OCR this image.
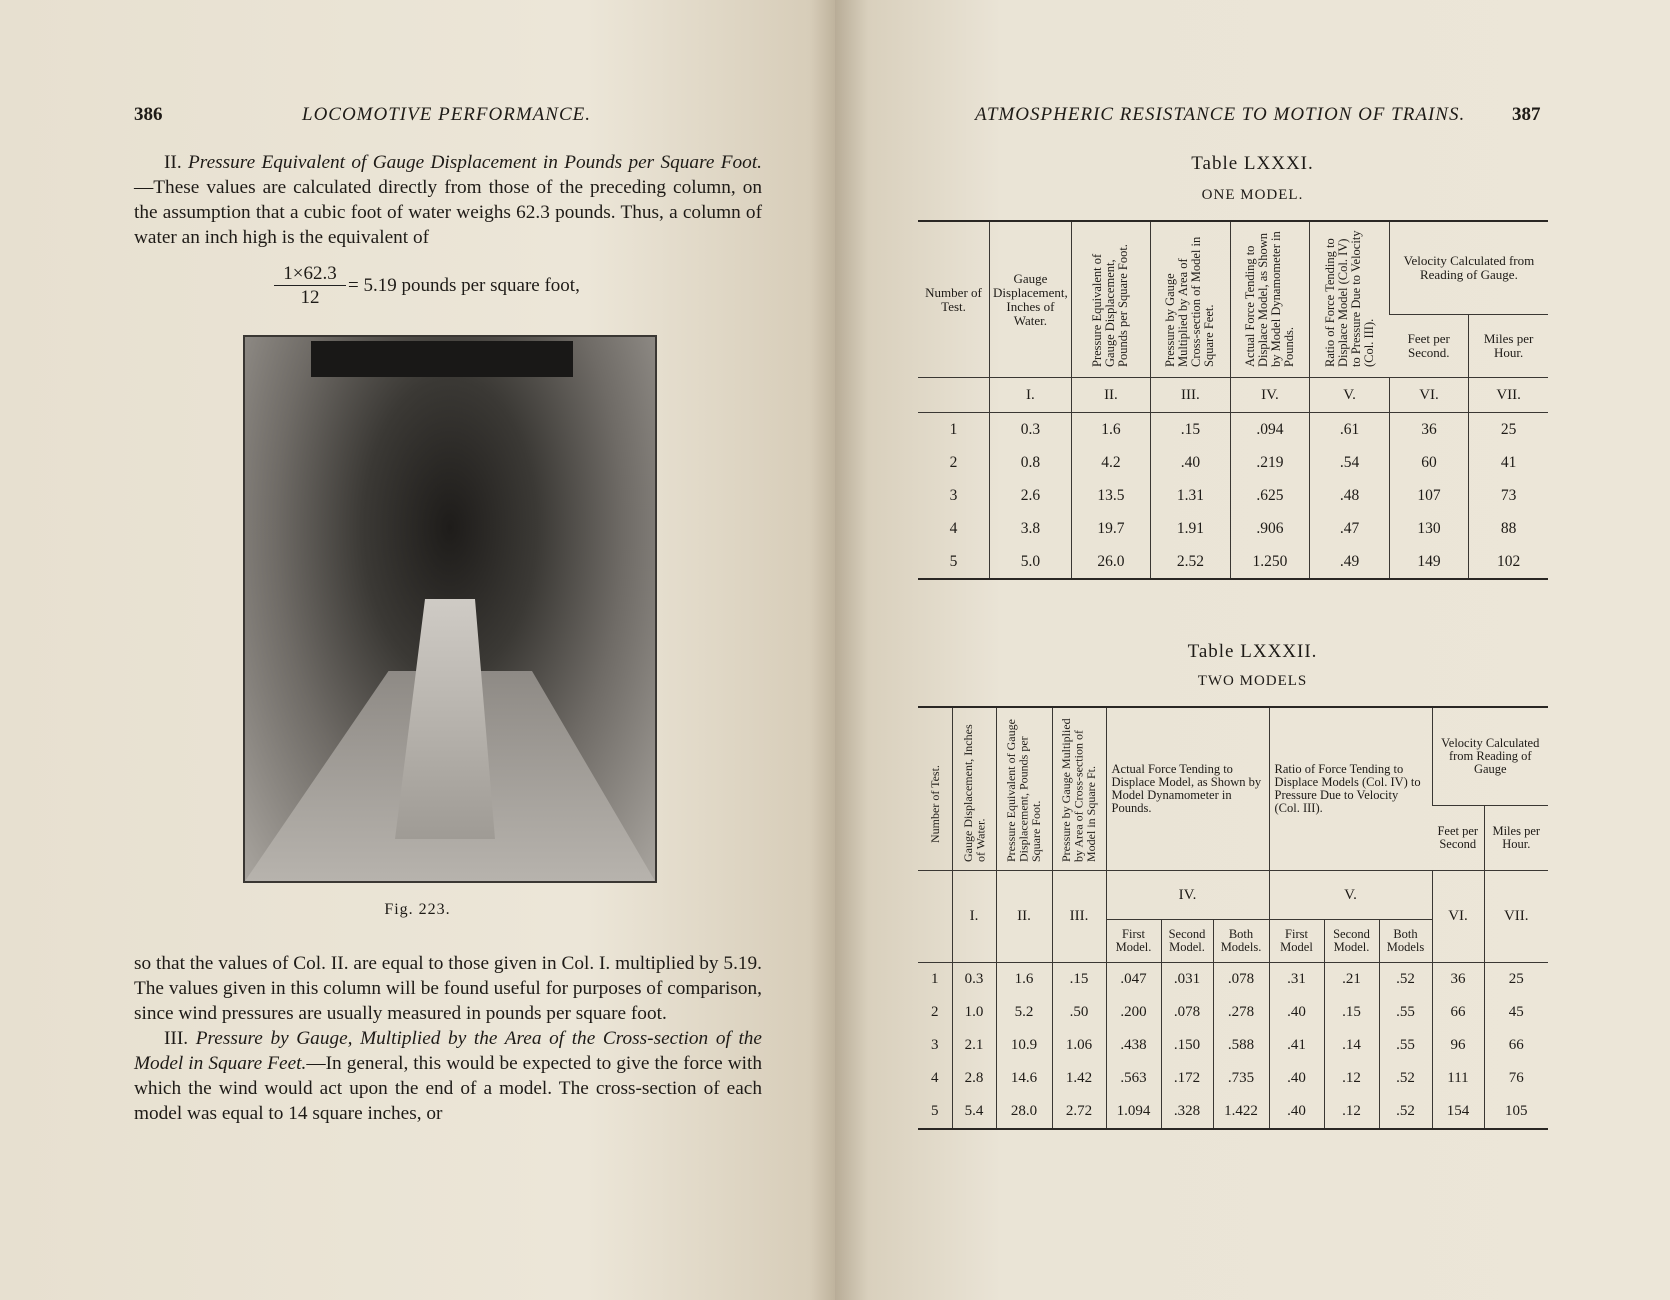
386	LOCOMOTIVE PERFORMANCE.

II. Pressure Equivalent of Gauge Displacement in Pounds per Square Foot.—These values are calculated directly from those of the preceding column, on the assumption that a cubic foot of water weighs 62.3 pounds. Thus, a column of water an inch high is the equivalent of

1×62.3
12
= 5.19 pounds per square foot,
Fig. 223.

so that the values of Col. II. are equal to those given in Col. I. multiplied by 5.19. The values given in this column will be found useful for purposes of comparison, since wind pressures are usually measured in pounds per square foot.

III. Pressure by Gauge, Multiplied by the Area of the Cross-section of the Model in Square Feet.—In general, this would be expected to give the force with which the wind would act upon the end of a model. The cross-section of each model was equal to 14 square inches, or

ATMOSPHERIC RESISTANCE TO MOTION OF TRAINS. 387
Table LXXXI.
ONE MODEL.
Number of Test.	Gauge Displacement, Inches of Water.	Pressure Equivalent of Gauge Displacement, Pounds per Square Foot.	Pressure by Gauge Multiplied by Area of Cross-section of Model in Square Feet.	Actual Force Tending to Displace Model, as Shown by Model Dynamometer in Pounds.	Ratio of Force Tending to Displace Model (Col. IV) to Pressure Due to Velocity (Col. III).	Velocity Calculated from Reading of Gauge.	
						Feet per Second.	Miles per Hour.
	I.	II.	III.	IV.	V.	VI.	VII.
1	0.3	1.6	.15	.094	.61	36	25
2	0.8	4.2	.40	.219	.54	60	41
3	2.6	13.5	1.31	.625	.48	107	73
4	3.8	19.7	1.91	.906	.47	130	88
5	5.0	26.0	2.52	1.250	.49	149	102
Table LXXXII.
TWO MODELS
Number of Test.	Gauge Displacement, Inches of Water.	Pressure Equivalent of Gauge Displacement, Pounds per Square Foot.	Pressure by Gauge Multiplied by Area of Cross-section of Model in Square Ft.	Actual Force Tending to Displace Model, as Shown by Model Dynamometer in Pounds.			Ratio of Force Tending to Displace Models (Col. IV) to Pressure Due to Velocity (Col. III).			Velocity Calculated from Reading of Gauge	
										Feet per Second	Miles per Hour.
	I.	II.	III.	IV.			V.			VI.	VII.
				First Model.	Second Model.	Both Models.	First Model	Second Model.	Both Models		
1	0.3	1.6	.15	.047	.031	.078	.31	.21	.52	36	25
2	1.0	5.2	.50	.200	.078	.278	.40	.15	.55	66	45
3	2.1	10.9	1.06	.438	.150	.588	.41	.14	.55	96	66
4	2.8	14.6	1.42	.563	.172	.735	.40	.12	.52	111	76
5	5.4	28.0	2.72	1.094	.328	1.422	.40	.12	.52	154	105
